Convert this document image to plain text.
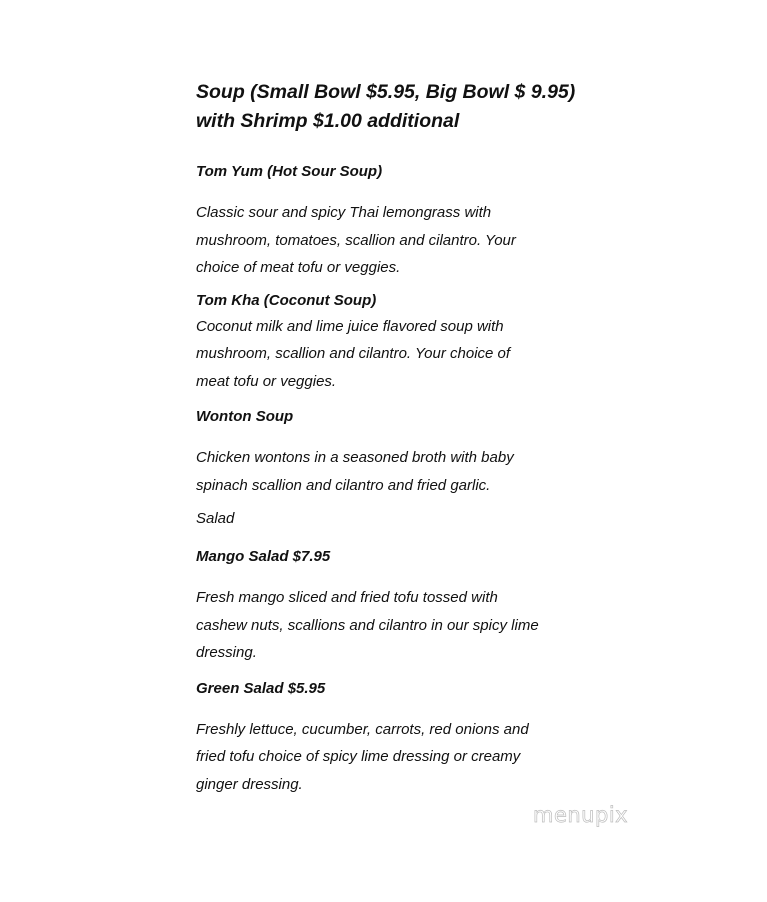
Soup (Small Bowl $5.95, Big Bowl $ 9.95)
with Shrimp $1.00 additional

Tom Yum (Hot Sour Soup)

Classic sour and spicy Thai lemongrass with
mushroom, tomatoes, scallion and cilantro. Your
choice of meat tofu or veggies.

Tom Kha (Coconut Soup)

Coconut milk and lime juice flavored soup with
mushroom, scallion and cilantro. Your choice of
meat tofu or veggies.

Wonton Soup

Chicken wontons in a seasoned broth with baby
spinach scallion and cilantro and fried garlic.

Salad

Mango Salad $7.95

Fresh mango sliced and fried tofu tossed with
cashew nuts, scallions and cilantro in our spicy lime
dressing.

Green Salad $5.95

Freshly lettuce, cucumber, carrots, red onions and
fried tofu choice of spicy lime dressing or creamy
ginger dressing.

menupix
